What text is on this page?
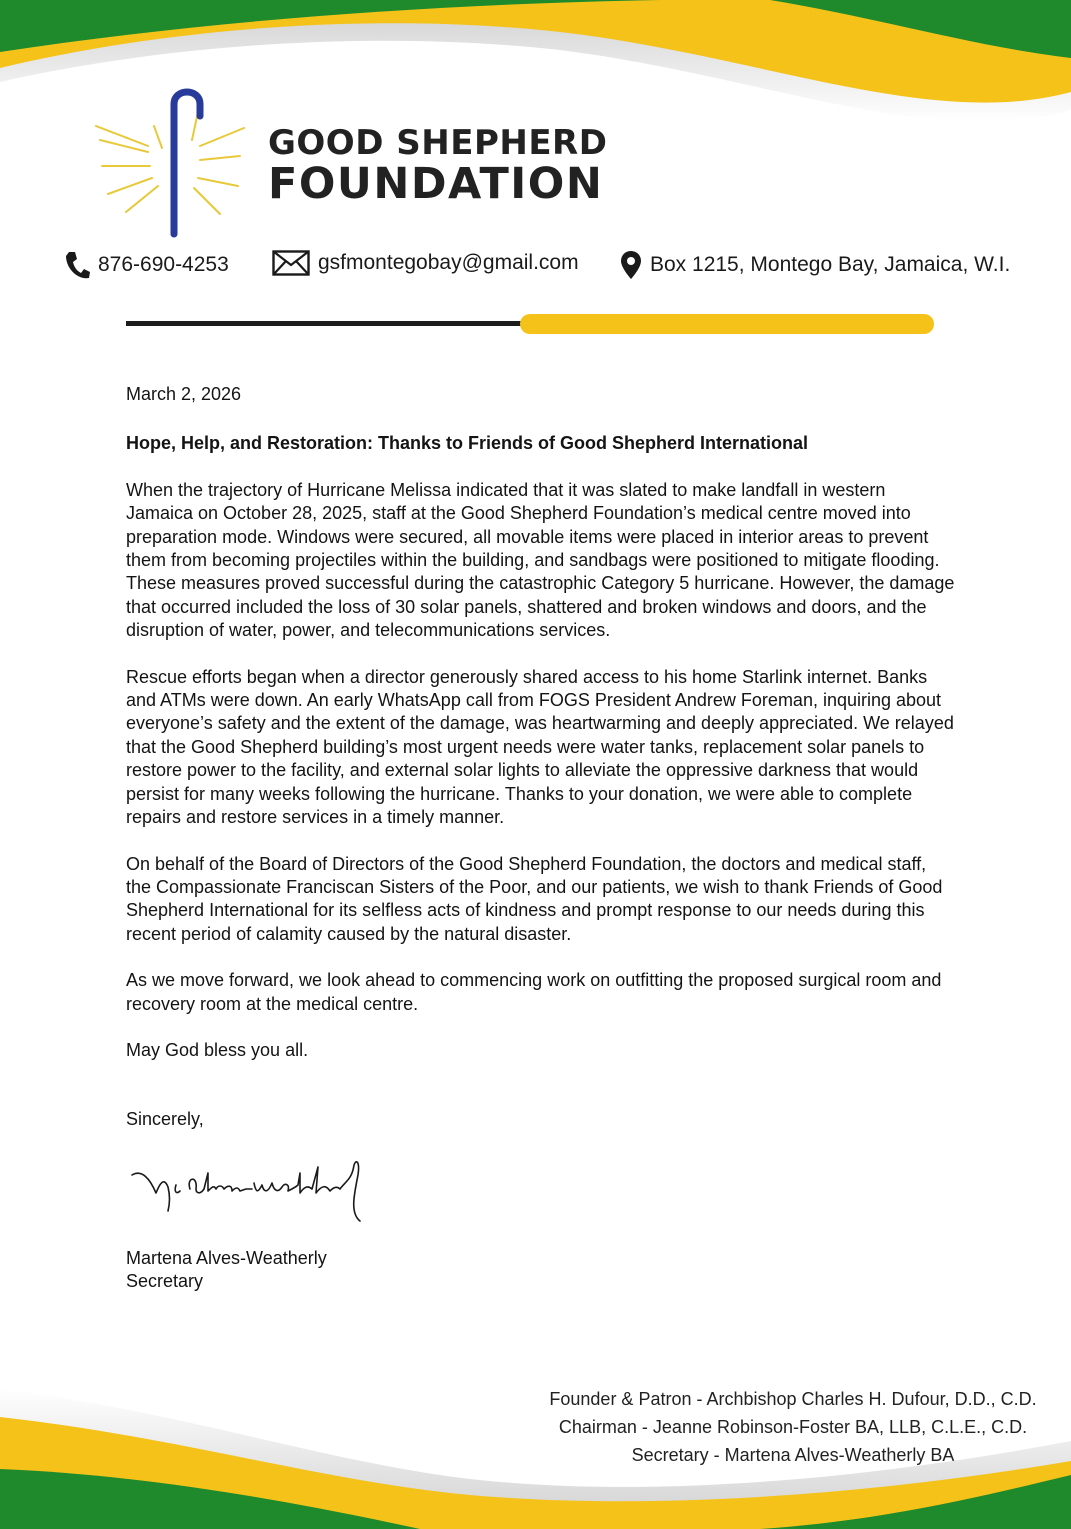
GOOD SHEPHERD
FOUNDATION
876-690-4253	gsfmontegobay@gmail.com	Box 1215, Montego Bay, Jamaica, W.I.

March 2, 2026

Hope, Help, and Restoration: Thanks to Friends of Good Shepherd International

When the trajectory of Hurricane Melissa indicated that it was slated to make landfall in western Jamaica on October 28, 2025, staff at the Good Shepherd Foundation’s medical centre moved into preparation mode. Windows were secured, all movable items were placed in interior areas to prevent them from becoming projectiles within the building, and sandbags were positioned to mitigate flooding. These measures proved successful during the catastrophic Category 5 hurricane. However, the damage that occurred included the loss of 30 solar panels, shattered and broken windows and doors, and the disruption of water, power, and telecommunications services.

Rescue efforts began when a director generously shared access to his home Starlink internet. Banks and ATMs were down. An early WhatsApp call from FOGS President Andrew Foreman, inquiring about everyone’s safety and the extent of the damage, was heartwarming and deeply appreciated. We relayed that the Good Shepherd building’s most urgent needs were water tanks, replacement solar panels to restore power to the facility, and external solar lights to alleviate the oppressive darkness that would persist for many weeks following the hurricane. Thanks to your donation, we were able to complete repairs and restore services in a timely manner.

On behalf of the Board of Directors of the Good Shepherd Foundation, the doctors and medical staff, the Compassionate Franciscan Sisters of the Poor, and our patients, we wish to thank Friends of Good Shepherd International for its selfless acts of kindness and prompt response to our needs during this recent period of calamity caused by the natural disaster.

As we move forward, we look ahead to commencing work on outfitting the proposed surgical room and recovery room at the medical centre.

May God bless you all.

Sincerely,

Martena Alves-Weatherly
Secretary
Founder & Patron - Archbishop Charles H. Dufour, D.D., C.D.
Chairman - Jeanne Robinson-Foster BA, LLB, C.L.E., C.D.
Secretary - Martena Alves-Weatherly BA
